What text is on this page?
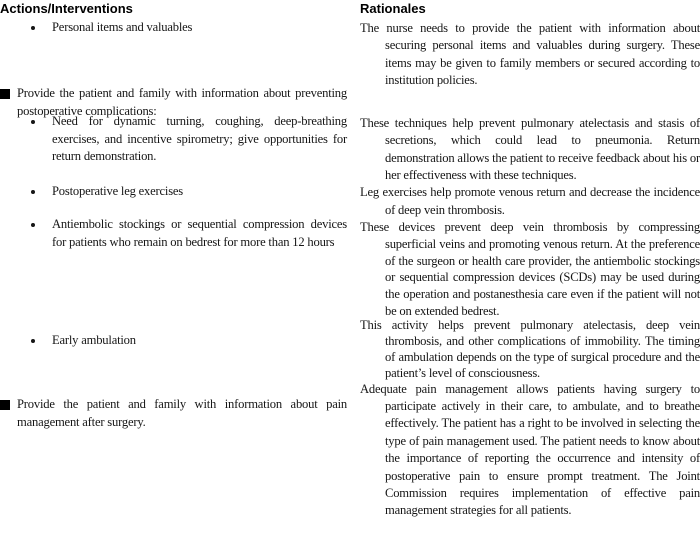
Actions/Interventions
Personal items and valuables
Provide the patient and family with information about preventing postoperative complications:
Need for dynamic turning, coughing, deep-breathing exercises, and incentive spirometry; give opportunities for return demonstration.
Postoperative leg exercises
Antiembolic stockings or sequential compression devices for patients who remain on bedrest for more than 12 hours
Early ambulation
Provide the patient and family with information about pain management after surgery.
Rationales

The nurse needs to provide the patient with information about securing personal items and valuables during surgery. These items may be given to family members or secured according to institution policies.

These techniques help prevent pulmonary atelectasis and stasis of secretions, which could lead to pneumonia. Return demonstration allows the patient to receive feedback about his or her effectiveness with these techniques.

Leg exercises help promote venous return and decrease the incidence of deep vein thrombosis.

These devices prevent deep vein thrombosis by compressing superficial veins and promoting venous return. At the preference of the surgeon or health care provider, the antiembolic stockings or sequential compression devices (SCDs) may be used during the operation and postanesthesia care even if the patient will not be on extended bedrest.

This activity helps prevent pulmonary atelectasis, deep vein thrombosis, and other complications of immobility. The timing of ambulation depends on the type of surgical procedure and the patient’s level of consciousness.

Adequate pain management allows patients having surgery to participate actively in their care, to ambulate, and to breathe effectively. The patient has a right to be involved in selecting the type of pain management used. The patient needs to know about the importance of reporting the occurrence and intensity of postoperative pain to ensure prompt treatment. The Joint Commission requires implementation of effective pain management strategies for all patients.
